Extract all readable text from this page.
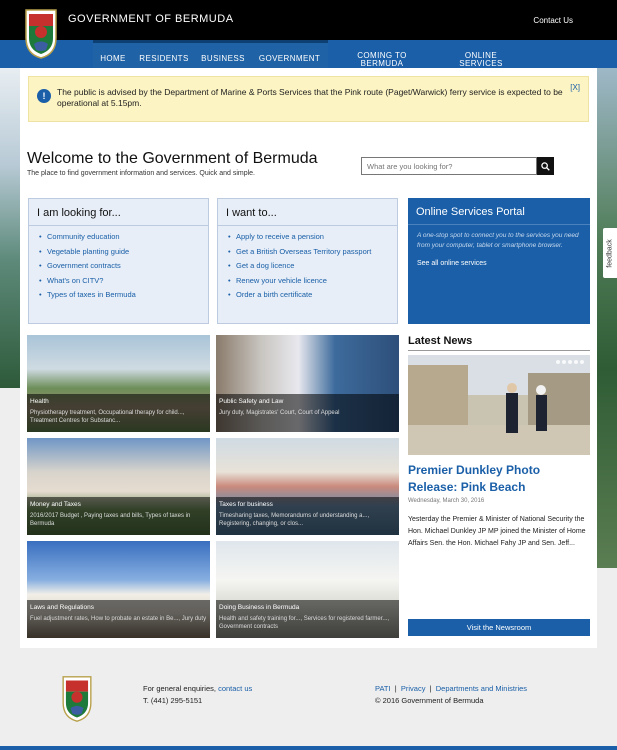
GOVERNMENT OF BERMUDA	Contact Us
HOME	RESIDENTS	BUSINESS	GOVERNMENT	COMING TO BERMUDA
ONLINE SERVICES
feedback
!	The public is advised by the Department of Marine & Ports Services that the Pink route (Paget/Warwick) ferry service is expected to be operational at 5.15pm.
[X]
Welcome to the Government of Bermuda
The place to find government information and services. Quick and simple.
What are you looking for?
I am looking for...
• Community education
• Vegetable planting guide
• Government contracts
• What's on CITV?
• Types of taxes in Bermuda
I want to...
• Apply to receive a pension
• Get a British Overseas Territory passport
• Get a dog licence
• Renew your vehicle licence
• Order a birth certificate
Online Services Portal

A one-stop spot to connect you to the services you need from your computer, tablet or smartphone browser.

See all online services
Health
Physiotherapy treatment, Occupational therapy for child..., Treatment Centres for Substanc...
Public Safety and Law
Jury duty, Magistrates' Court, Court of Appeal
Money and Taxes
2016/2017 Budget , Paying taxes and bills, Types of taxes in Bermuda
Taxes for business
Timesharing taxes, Memorandums of understanding a..., Registering, changing, or clos...
Laws and Regulations
Fuel adjustment rates, How to probate an estate in Be..., Jury duty
Doing Business in Bermuda
Health and safety training for..., Services for registered farmer..., Government contracts
Latest News
Premier Dunkley Photo Release: Pink Beach
Wednesday, March 30, 2016
Yesterday the Premier & Minister of National Security the Hon. Michael Dunkley JP MP joined the Minister of Home Affairs Sen. the Hon. Michael Fahy JP and Sen. Jeff...
Visit the Newsroom
For general enquiries, contact us
T. (441) 295-5151
PATI | Privacy | Departments and Ministries
© 2016 Government of Bermuda
